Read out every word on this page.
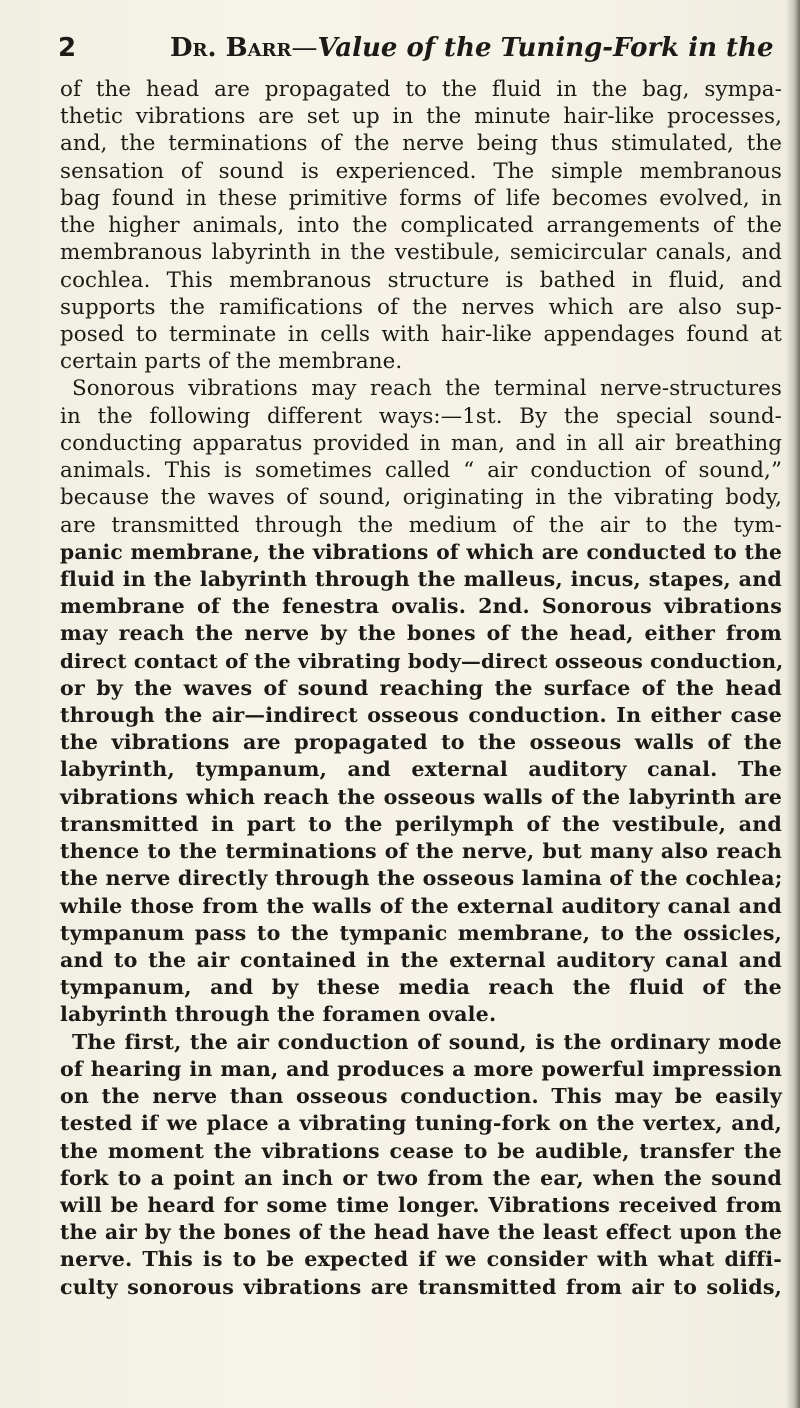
2	Dr. Barr—Value of the Tuning-Fork in the
of the head are propagated to the fluid in the bag, sympa-
thetic vibrations are set up in the minute hair-like processes,
and, the terminations of the nerve being thus stimulated, the
sensation of sound is experienced. The simple membranous
bag found in these primitive forms of life becomes evolved, in
the higher animals, into the complicated arrangements of the
membranous labyrinth in the vestibule, semicircular canals, and
cochlea. This membranous structure is bathed in fluid, and
supports the ramifications of the nerves which are also sup-
posed to terminate in cells with hair-like appendages found at
certain parts of the membrane.
Sonorous vibrations may reach the terminal nerve-structures
in the following different ways:—1st. By the special sound-
conducting apparatus provided in man, and in all air breathing
animals. This is sometimes called “ air conduction of sound,”
because the waves of sound, originating in the vibrating body,
are transmitted through the medium of the air to the tym-
panic membrane, the vibrations of which are conducted to the
fluid in the labyrinth through the malleus, incus, stapes, and
membrane of the fenestra ovalis. 2nd. Sonorous vibrations
may reach the nerve by the bones of the head, either from
direct contact of the vibrating body—direct osseous conduction,
or by the waves of sound reaching the surface of the head
through the air—indirect osseous conduction. In either case
the vibrations are propagated to the osseous walls of the
labyrinth, tympanum, and external auditory canal. The
vibrations which reach the osseous walls of the labyrinth are
transmitted in part to the perilymph of the vestibule, and
thence to the terminations of the nerve, but many also reach
the nerve directly through the osseous lamina of the cochlea;
while those from the walls of the external auditory canal and
tympanum pass to the tympanic membrane, to the ossicles,
and to the air contained in the external auditory canal and
tympanum, and by these media reach the fluid of the
labyrinth through the foramen ovale.
The first, the air conduction of sound, is the ordinary mode
of hearing in man, and produces a more powerful impression
on the nerve than osseous conduction. This may be easily
tested if we place a vibrating tuning-fork on the vertex, and,
the moment the vibrations cease to be audible, transfer the
fork to a point an inch or two from the ear, when the sound
will be heard for some time longer. Vibrations received from
the air by the bones of the head have the least effect upon the
nerve. This is to be expected if we consider with what diffi-
culty sonorous vibrations are transmitted from air to solids,
